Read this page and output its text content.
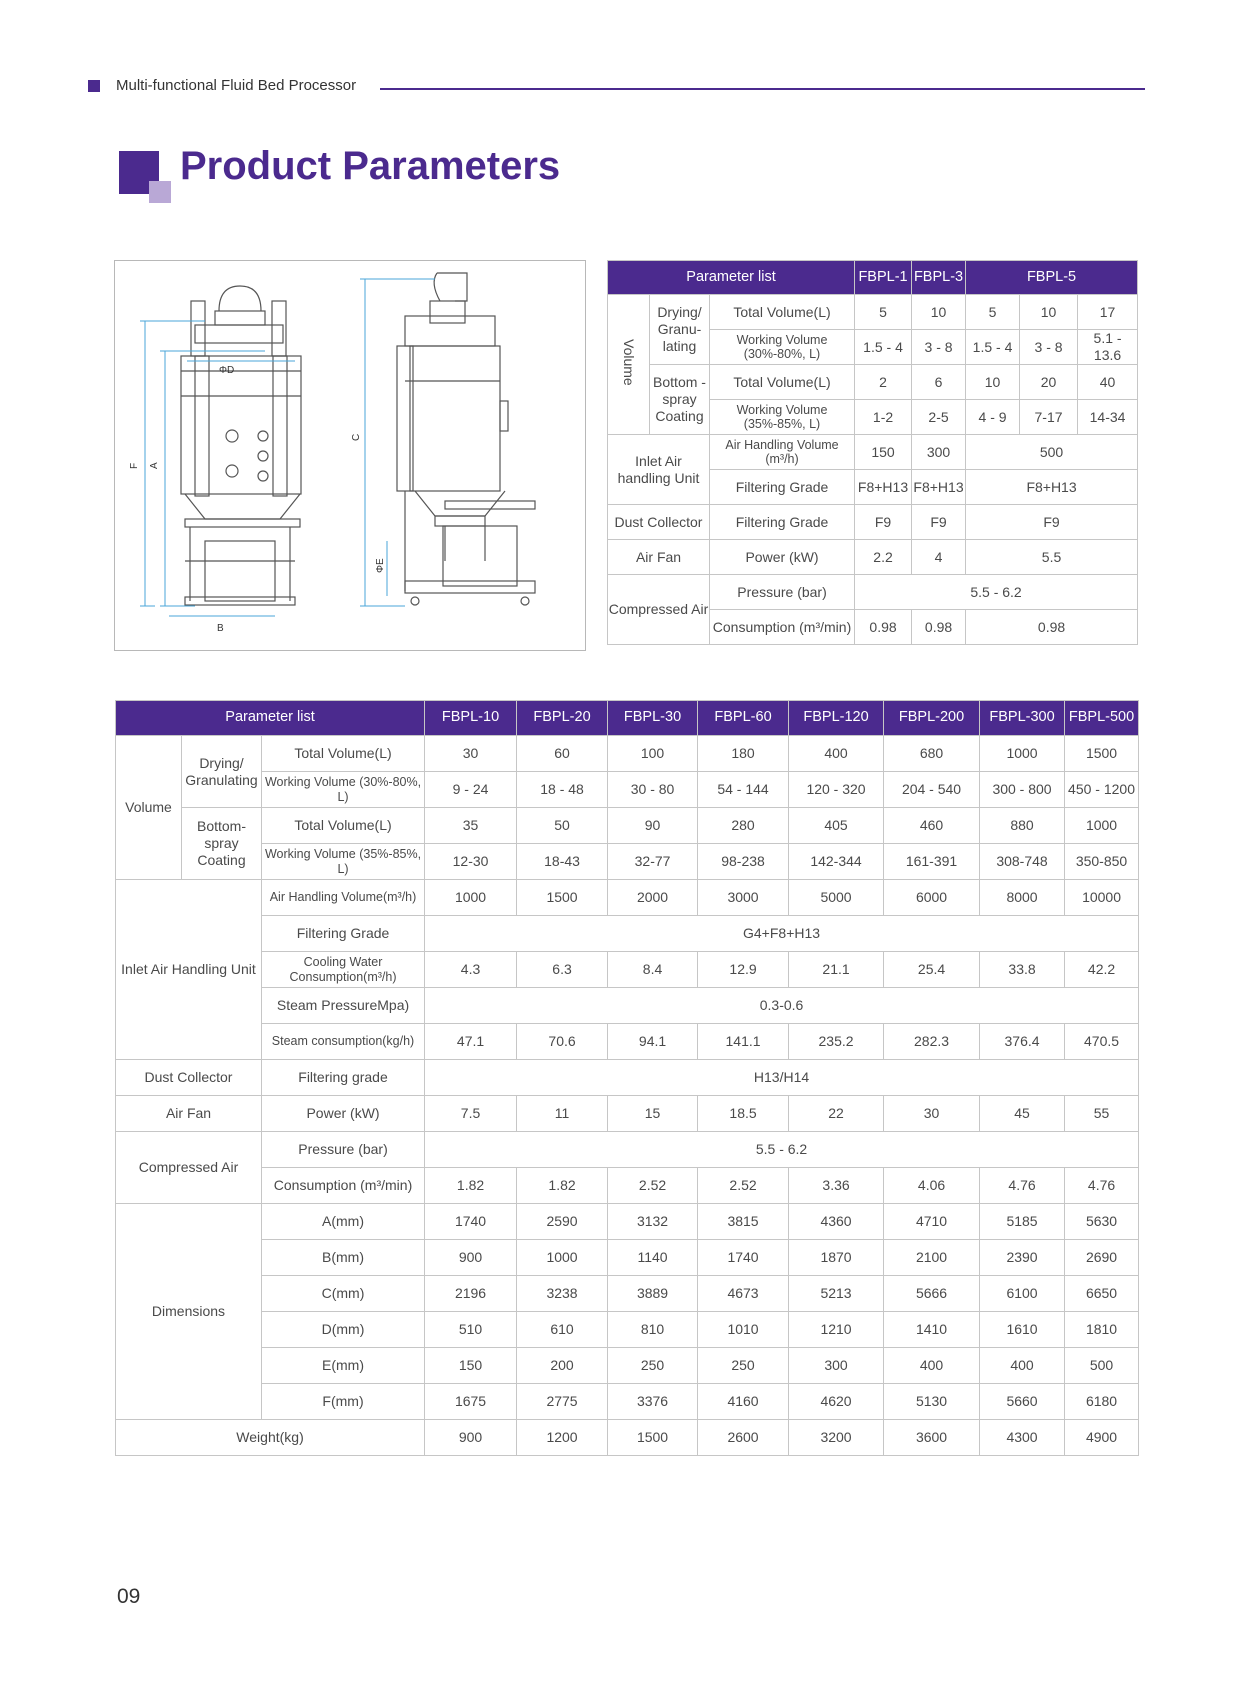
Multi-functional Fluid Bed Processor
Product Parameters
ΦD
F A
B
C
ΦE
Parameter list			FBPL-1	FBPL-3	FBPL-5		
Volume	Drying/ Granu- lating	Total Volume(L)	5	10	5	10	17
		Working Volume (30%-80%, L)	1.5 - 4	3 - 8	1.5 - 4	3 - 8	5.1 - 13.6
	Bottom -spray Coating	Total Volume(L)	2	6	10	20	40
		Working Volume (35%-85%, L)	1-2	2-5	4 - 9	7-17	14-34
Inlet Air handling Unit		Air Handling Volume (m³/h)	150	300	500		
		Filtering Grade	F8+H13	F8+H13	F8+H13		
Dust Collector		Filtering Grade	F9	F9	F9		
Air Fan		Power (kW)	2.2	4	5.5		
Compressed Air		Pressure (bar)	5.5 - 6.2				
		Consumption (m³/min)	0.98	0.98	0.98		
Parameter list			FBPL-10	FBPL-20	FBPL-30	FBPL-60	FBPL-120	FBPL-200	FBPL-300	FBPL-500
Volume	Drying/ Granulating	Total Volume(L)	30	60	100	180	400	680	1000	1500
		Working Volume (30%-80%, L)	9 - 24	18 - 48	30 - 80	54 - 144	120 - 320	204 - 540	300 - 800	450 - 1200
	Bottom- spray Coating	Total Volume(L)	35	50	90	280	405	460	880	1000
		Working Volume (35%-85%, L)	12-30	18-43	32-77	98-238	142-344	161-391	308-748	350-850
Inlet Air Handling Unit		Air Handling Volume(m³/h)	1000	1500	2000	3000	5000	6000	8000	10000
		Filtering Grade	G4+F8+H13							
		Cooling Water Consumption(m³/h)	4.3	6.3	8.4	12.9	21.1	25.4	33.8	42.2
		Steam PressureMpa)	0.3-0.6							
		Steam consumption(kg/h)	47.1	70.6	94.1	141.1	235.2	282.3	376.4	470.5
Dust Collector		Filtering grade	H13/H14							
Air Fan		Power (kW)	7.5	11	15	18.5	22	30	45	55
Compressed Air		Pressure (bar)	5.5 - 6.2							
		Consumption (m³/min)	1.82	1.82	2.52	2.52	3.36	4.06	4.76	4.76
Dimensions		A(mm)	1740	2590	3132	3815	4360	4710	5185	5630
		B(mm)	900	1000	1140	1740	1870	2100	2390	2690
		C(mm)	2196	3238	3889	4673	5213	5666	6100	6650
		D(mm)	510	610	810	1010	1210	1410	1610	1810
		E(mm)	150	200	250	250	300	400	400	500
		F(mm)	1675	2775	3376	4160	4620	5130	5660	6180
Weight(kg)			900	1200	1500	2600	3200	3600	4300	4900
09
